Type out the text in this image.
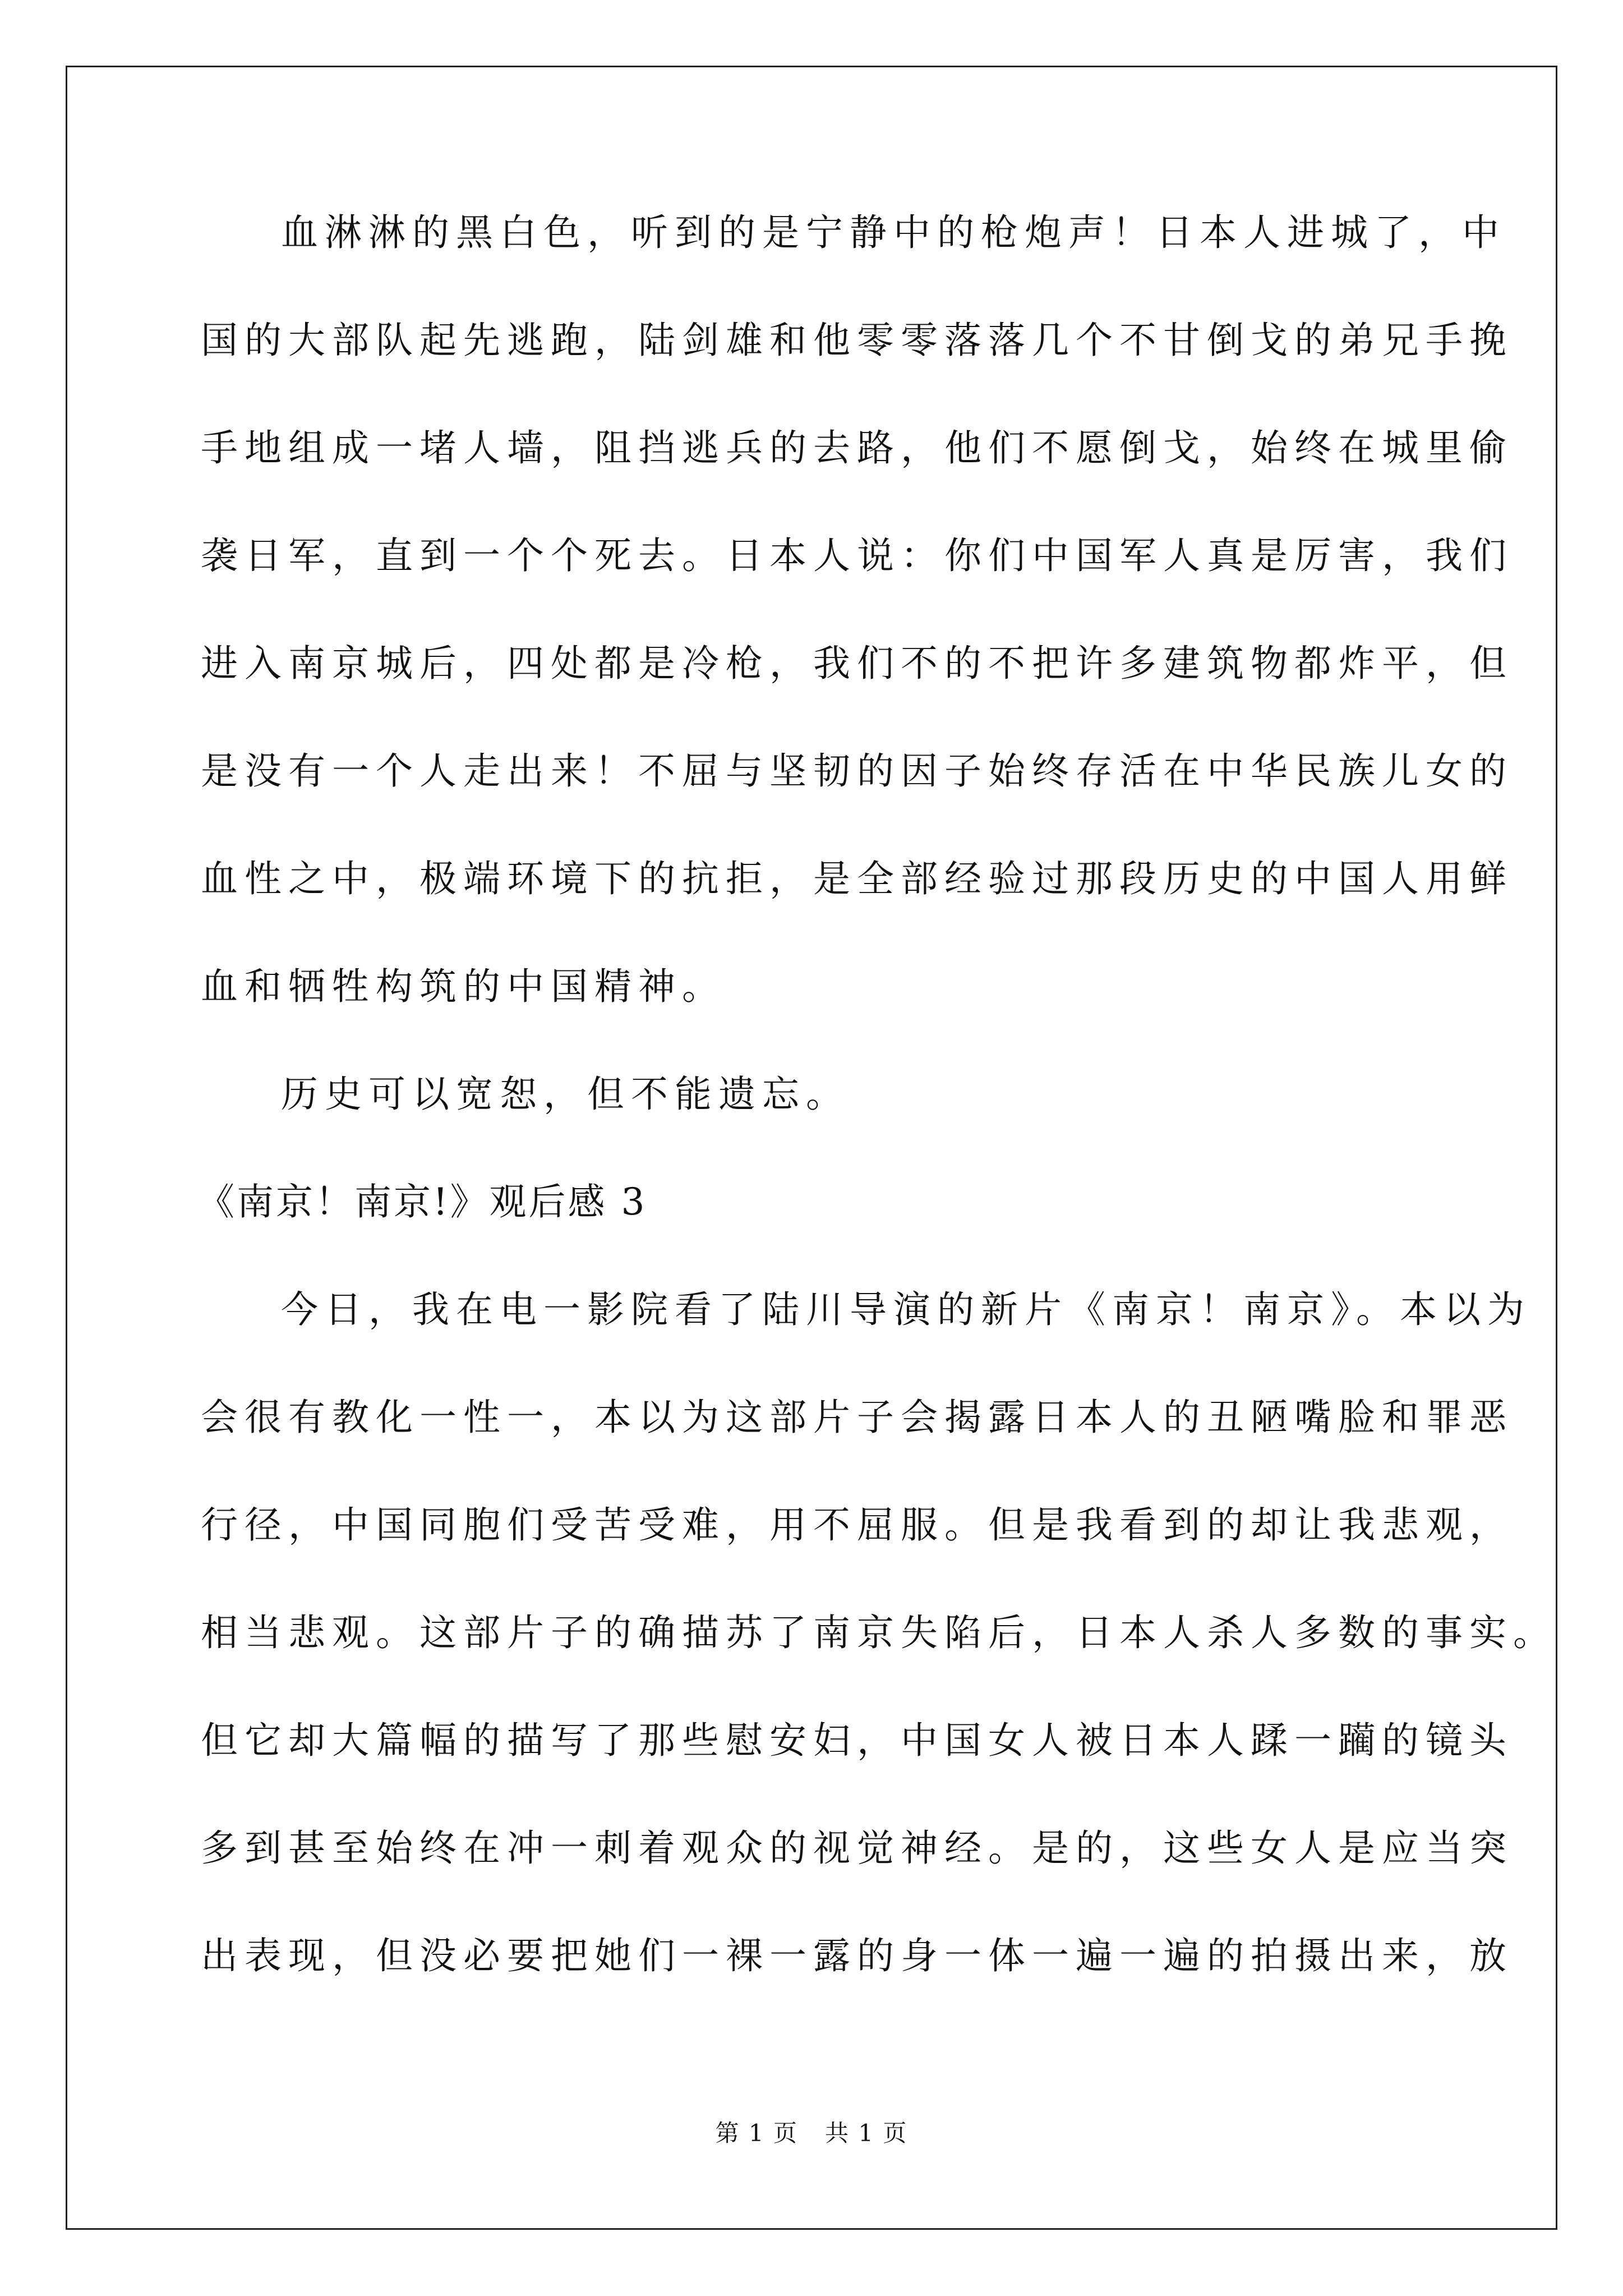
血淋淋的黑白色，听到的是宁静中的枪炮声！日本人进城了，中
国的大部队起先逃跑，陆剑雄和他零零落落几个不甘倒戈的弟兄手挽
手地组成一堵人墙，阻挡逃兵的去路，他们不愿倒戈，始终在城里偷
袭日军，直到一个个死去。日本人说：你们中国军人真是厉害，我们
进入南京城后，四处都是冷枪，我们不的不把许多建筑物都炸平，但
是没有一个人走出来！不屈与坚韧的因子始终存活在中华民族儿女的
血性之中，极端环境下的抗拒，是全部经验过那段历史的中国人用鲜
血和牺牲构筑的中国精神。
历史可以宽恕，但不能遗忘。
《南京！南京!》观后感 3
今日，我在电一影院看了陆川导演的新片《南京！南京》。本以为
会很有教化一性一，本以为这部片子会揭露日本人的丑陋嘴脸和罪恶
行径，中国同胞们受苦受难，用不屈服。但是我看到的却让我悲观，
相当悲观。这部片子的确描苏了南京失陷后，日本人杀人多数的事实。
但它却大篇幅的描写了那些慰安妇，中国女人被日本人蹂一躏的镜头
多到甚至始终在冲一刺着观众的视觉神经。是的，这些女人是应当突
出表现，但没必要把她们一裸一露的身一体一遍一遍的拍摄出来，放
第 1 页 共 1 页
